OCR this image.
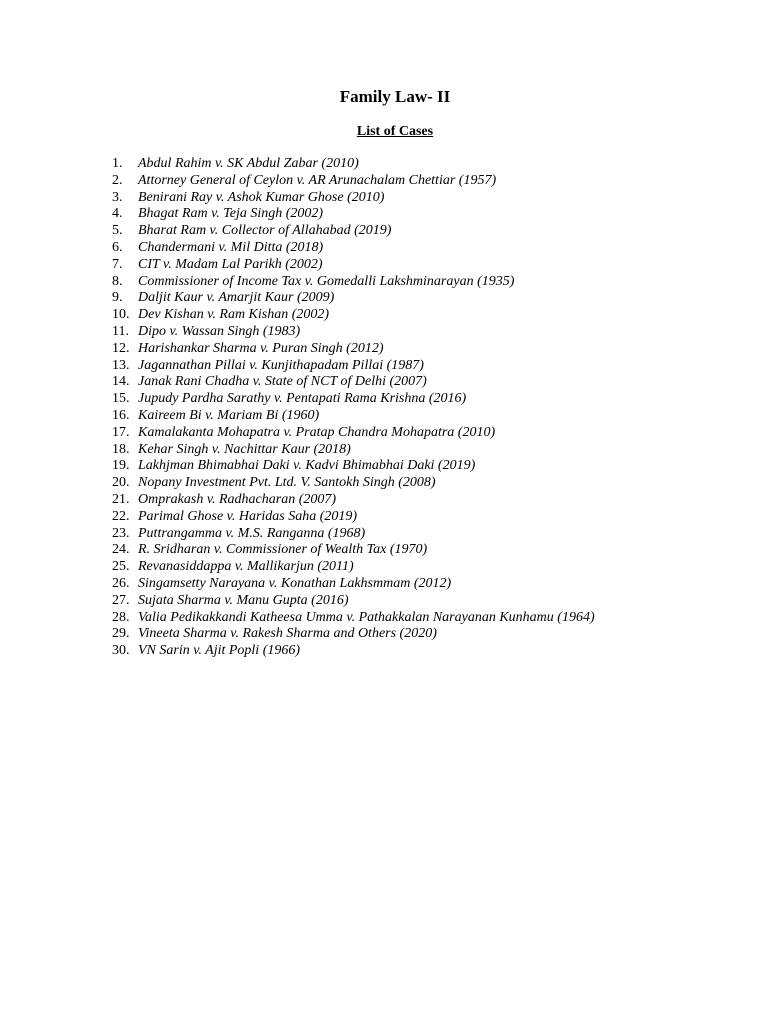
Family Law- II
List of Cases
1.	Abdul Rahim v. SK Abdul Zabar (2010)
2.	Attorney General of Ceylon v. AR Arunachalam Chettiar (1957)
3.	Benirani Ray v. Ashok Kumar Ghose (2010)
4.	Bhagat Ram v. Teja Singh (2002)
5.	Bharat Ram v. Collector of Allahabad (2019)
6.	Chandermani v. Mil Ditta (2018)
7.	CIT v. Madam Lal Parikh (2002)
8.	Commissioner of Income Tax v. Gomedalli Lakshminarayan (1935)
9.	Daljit Kaur v. Amarjit Kaur (2009)
10. Dev Kishan v. Ram Kishan (2002)
11. Dipo v. Wassan Singh (1983)
12. Harishankar Sharma v. Puran Singh (2012)
13. Jagannathan Pillai v. Kunjithapadam Pillai (1987)
14. Janak Rani Chadha v. State of NCT of Delhi (2007)
15. Jupudy Pardha Sarathy v. Pentapati Rama Krishna (2016)
16. Kaireem Bi v. Mariam Bi (1960)
17. Kamalakanta Mohapatra v. Pratap Chandra Mohapatra (2010)
18. Kehar Singh v. Nachittar Kaur (2018)
19. Lakhjman Bhimabhai Daki v. Kadvi Bhimabhai Daki (2019)
20. Nopany Investment Pvt. Ltd. V. Santokh Singh (2008)
21. Omprakash v. Radhacharan (2007)
22. Parimal Ghose v. Haridas Saha (2019)
23. Puttrangamma v. M.S. Ranganna (1968)
24. R. Sridharan v. Commissioner of Wealth Tax (1970)
25. Revanasiddappa v. Mallikarjun (2011)
26. Singamsetty Narayana v. Konathan Lakhsmmam (2012)
27. Sujata Sharma v. Manu Gupta (2016)
28. Valia Pedikakkandi Katheesa Umma v. Pathakkalan Narayanan Kunhamu (1964)
29. Vineeta Sharma v. Rakesh Sharma and Others (2020)
30. VN Sarin v. Ajit Popli (1966)
